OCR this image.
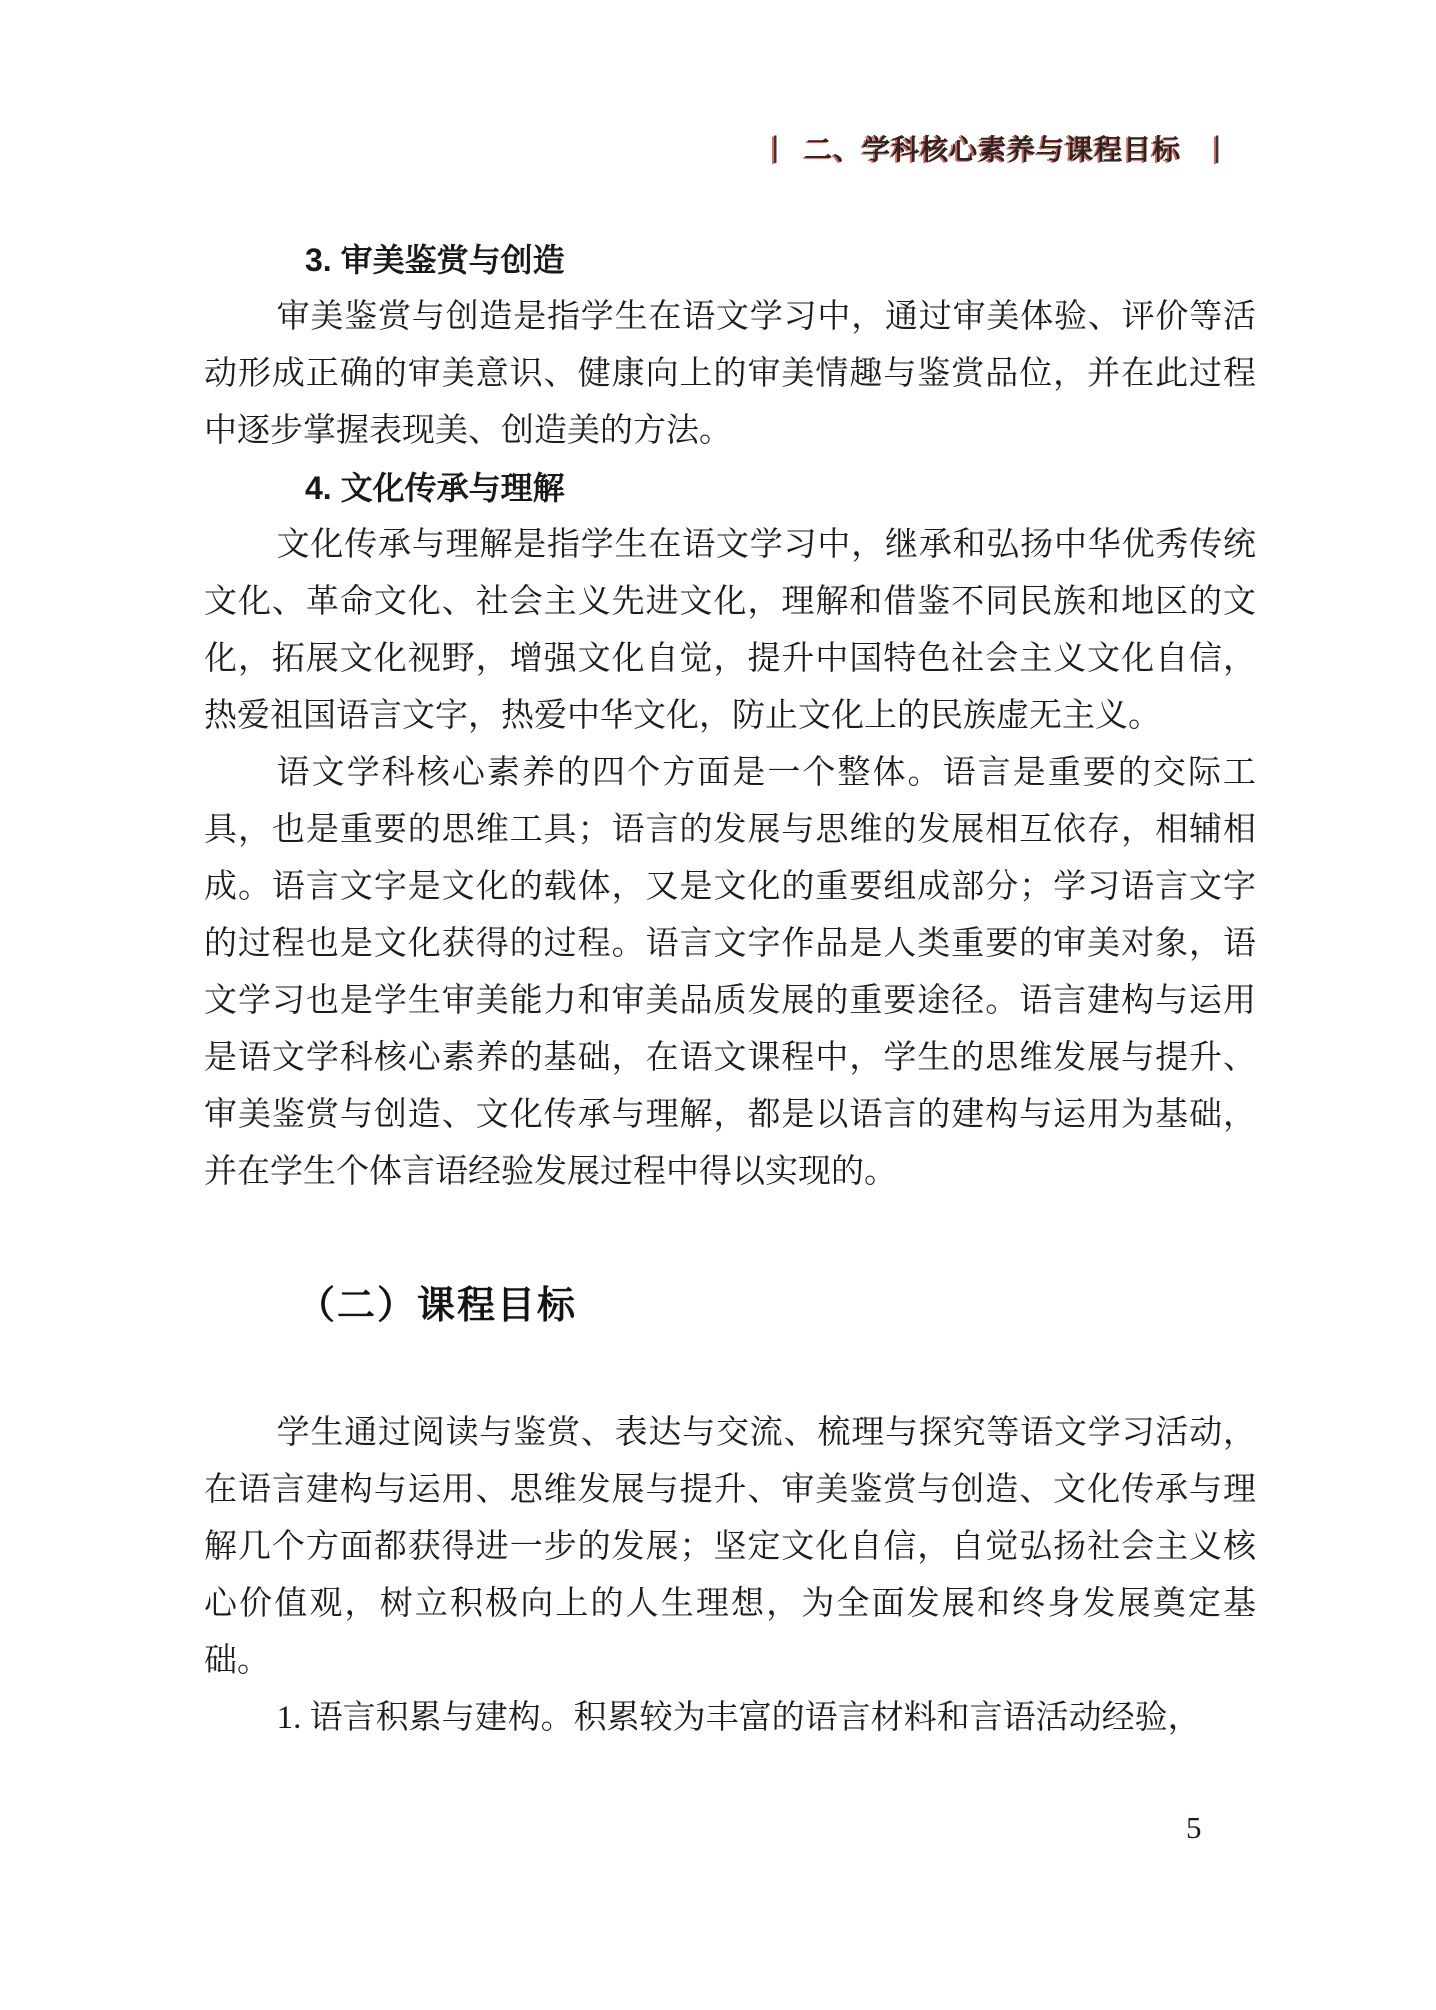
| 二、学科核心素养与课程目标 |
3. 审美鉴赏与创造

审美鉴赏与创造是指学生在语文学习中，通过审美体验、评价等活动形成正确的审美意识、健康向上的审美情趣与鉴赏品位，并在此过程中逐步掌握表现美、创造美的方法。

4. 文化传承与理解

文化传承与理解是指学生在语文学习中，继承和弘扬中华优秀传统文化、革命文化、社会主义先进文化，理解和借鉴不同民族和地区的文化，拓展文化视野，增强文化自觉，提升中国特色社会主义文化自信，热爱祖国语言文字，热爱中华文化，防止文化上的民族虚无主义。

语文学科核心素养的四个方面是一个整体。语言是重要的交际工具，也是重要的思维工具；语言的发展与思维的发展相互依存，相辅相成。语言文字是文化的载体，又是文化的重要组成部分；学习语言文字的过程也是文化获得的过程。语言文字作品是人类重要的审美对象，语文学习也是学生审美能力和审美品质发展的重要途径。语言建构与运用是语文学科核心素养的基础，在语文课程中，学生的思维发展与提升、审美鉴赏与创造、文化传承与理解，都是以语言的建构与运用为基础，并在学生个体言语经验发展过程中得以实现的。

（二）课程目标

学生通过阅读与鉴赏、表达与交流、梳理与探究等语文学习活动，在语言建构与运用、思维发展与提升、审美鉴赏与创造、文化传承与理解几个方面都获得进一步的发展；坚定文化自信，自觉弘扬社会主义核心价值观，树立积极向上的人生理想，为全面发展和终身发展奠定基础。

1. 语言积累与建构。积累较为丰富的语言材料和言语活动经验，

5
